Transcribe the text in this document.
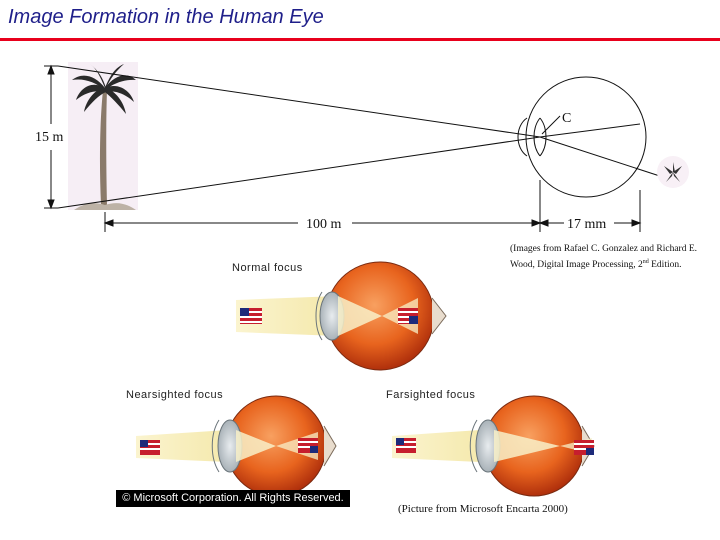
Image Formation in the Human Eye
15 m
C
100 m	17 mm
(Images from Rafael C. Gonzalez and Richard E.
Wood, Digital Image Processing, 2nd Edition.
Normal focus
Nearsighted focus	Farsighted focus
© Microsoft Corporation. All Rights Reserved.
(Picture from Microsoft Encarta 2000)
